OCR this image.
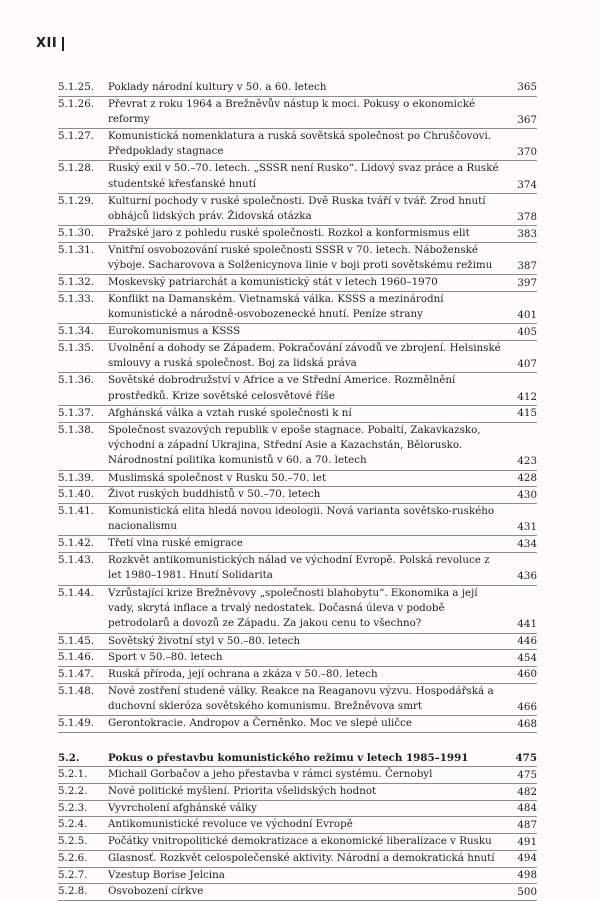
XII
5.1.25. Poklady národní kultury v 50. a 60. letech	365
5.1.26. Převrat z roku 1964 a Brežněvův nástup k moci. Pokusy o ekonomické reformy	367
5.1.27. Komunistická nomenklatura a ruská sovětská společnost po Chruščovovi. Předpoklady stagnace	370
5.1.28. Ruský exil v 50.–70. letech. „SSSR není Rusko“. Lidový svaz práce a Ruské studentské křesťanské hnutí	374
5.1.29. Kulturní pochody v ruské společnosti. Dvě Ruska tváří v tvář. Zrod hnutí obhájců lidských práv. Židovská otázka	378
5.1.30. Pražské jaro z pohledu ruské společnosti. Rozkol a konformismus elit	383
5.1.31. Vnitřní osvobozování ruské společnosti SSSR v 70. letech. Náboženské výboje. Sacharovova a Solženicynova linie v boji proti sovětskému režimu	387
5.1.32. Moskevský patriarchát a komunistický stát v letech 1960–1970	397
5.1.33. Konflikt na Damanském. Vietnamská válka. KSSS a mezinárodní komunistické a národně-osvobozenecké hnutí. Peníze strany	401
5.1.34. Eurokomunismus a KSSS	405
5.1.35. Uvolnění a dohody se Západem. Pokračování závodů ve zbrojení. Helsinské smlouvy a ruská společnost. Boj za lidská práva	407
5.1.36. Sovětské dobrodružství v Africe a ve Střední Americe. Rozmělnění prostředků. Krize sovětské celosvětové říše	412
5.1.37. Afghánská válka a vztah ruské společnosti k ní	415
5.1.38. Společnost svazových republik v epoše stagnace. Pobaltí, Zakavkazsko, východní a západní Ukrajina, Střední Asie a Kazachstán, Bělorusko. Národnostní politika komunistů v 60. a 70. letech	423
5.1.39. Muslimská společnost v Rusku 50.–70. let	428
5.1.40. Život ruských buddhistů v 50.–70. letech	430
5.1.41. Komunistická elita hledá novou ideologii. Nová varianta sovětsko-ruského nacionalismu	431
5.1.42. Třetí vlna ruské emigrace	434
5.1.43. Rozkvět antikomunistických nálad ve východní Evropě. Polská revoluce z let 1980–1981. Hnutí Solidarita	436
5.1.44. Vzrůstající krize Brežněvovy „společnosti blahobytu“. Ekonomika a její vady, skrytá inflace a trvalý nedostatek. Dočasná úleva v podobě petrodolarů a dovozů ze Západu. Za jakou cenu to všechno?	441
5.1.45. Sovětský životní styl v 50.–80. letech	446
5.1.46. Sport v 50.–80. letech	454
5.1.47. Ruská příroda, její ochrana a zkáza v 50.–80. letech	460
5.1.48. Nové zostření studené války. Reakce na Reaganovu výzvu. Hospodářská a duchovní skleróza sovětského komunismu. Brežněvova smrt	466
5.1.49. Gerontokracie. Andropov a Černěnko. Moc ve slepé uličce	468
5.2.	Pokus o přestavbu komunistického režimu v letech 1985–1991	475
5.2.1. Michail Gorbačov a jeho přestavba v rámci systému. Černobyl	475
5.2.2. Nové politické myšlení. Priorita všelidských hodnot	482
5.2.3. Vyvrcholení afghánské války	484
5.2.4. Antikomunistické revoluce ve východní Evropě	487
5.2.5. Počátky vnitropolitické demokratizace a ekonomické liberalizace v Rusku	491
5.2.6. Glasnosť. Rozkvět celospolečenské aktivity. Národní a demokratická hnutí	494
5.2.7. Vzestup Borise Jelcina	498
5.2.8. Osvobození církve	500
